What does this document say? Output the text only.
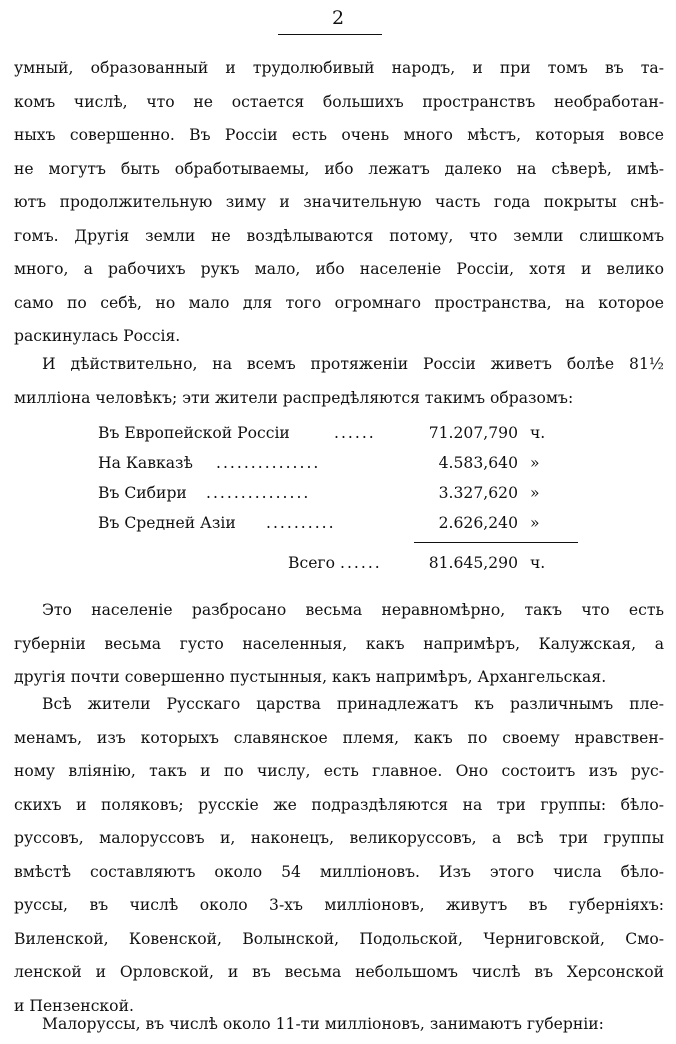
2
умный, образованный и трудолюбивый народъ, и при томъ въ та-
комъ числѣ, что не остается большихъ пространствъ необработан-
ныхъ совершенно. Въ Россіи есть очень много мѣстъ, которыя вовсе
не могутъ быть обработываемы, ибо лежатъ далеко на сѣверѣ, имѣ-
ютъ продолжительную зиму и значительную часть года покрыты снѣ-
гомъ. Другія земли не воздѣлываются потому, что земли слишкомъ
много, а рабочихъ рукъ мало, ибо населеніе Россіи, хотя и велико
само по себѣ, но мало для того огромнаго пространства, на которое
раскинулась Россія.
И дѣйствительно, на всемъ протяженіи Россіи живетъ болѣе 81½
милліона человѣкъ; эти жители распредѣляются такимъ образомъ:
Въ Европейской Россіи	......	71.207,790 ч.
На Кавказѣ ...............	4.583,640 »
Въ Сибири ...............	3.327,620 »
Въ Средней Азіи ..........	2.626,240 »
Всего ......	81.645,290 ч.
Это населеніе разбросано весьма неравномѣрно, такъ что есть
губерніи весьма густо населенныя, какъ напримѣръ, Калужская, а
другія почти совершенно пустынныя, какъ напримѣръ, Архангельская.
Всѣ жители Русскаго царства принадлежатъ къ различнымъ пле-
менамъ, изъ которыхъ славянское племя, какъ по своему нравствен-
ному вліянію, такъ и по числу, есть главное. Оно состоитъ изъ рус-
скихъ и поляковъ; русскіе же подраздѣляются на три группы: бѣло-
руссовъ, малоруссовъ и, наконецъ, великоруссовъ, а всѣ три группы
вмѣстѣ составляютъ около 54 милліоновъ. Изъ этого числа бѣло-
руссы, въ числѣ около 3-хъ милліоновъ, живутъ въ губерніяхъ:
Виленской, Ковенской, Волынской, Подольской, Черниговской, Смо-
ленской и Орловской, и въ весьма небольшомъ числѣ въ Херсонской
и Пензенской.
Малоруссы, въ числѣ около 11-ти милліоновъ, занимаютъ губерніи:
